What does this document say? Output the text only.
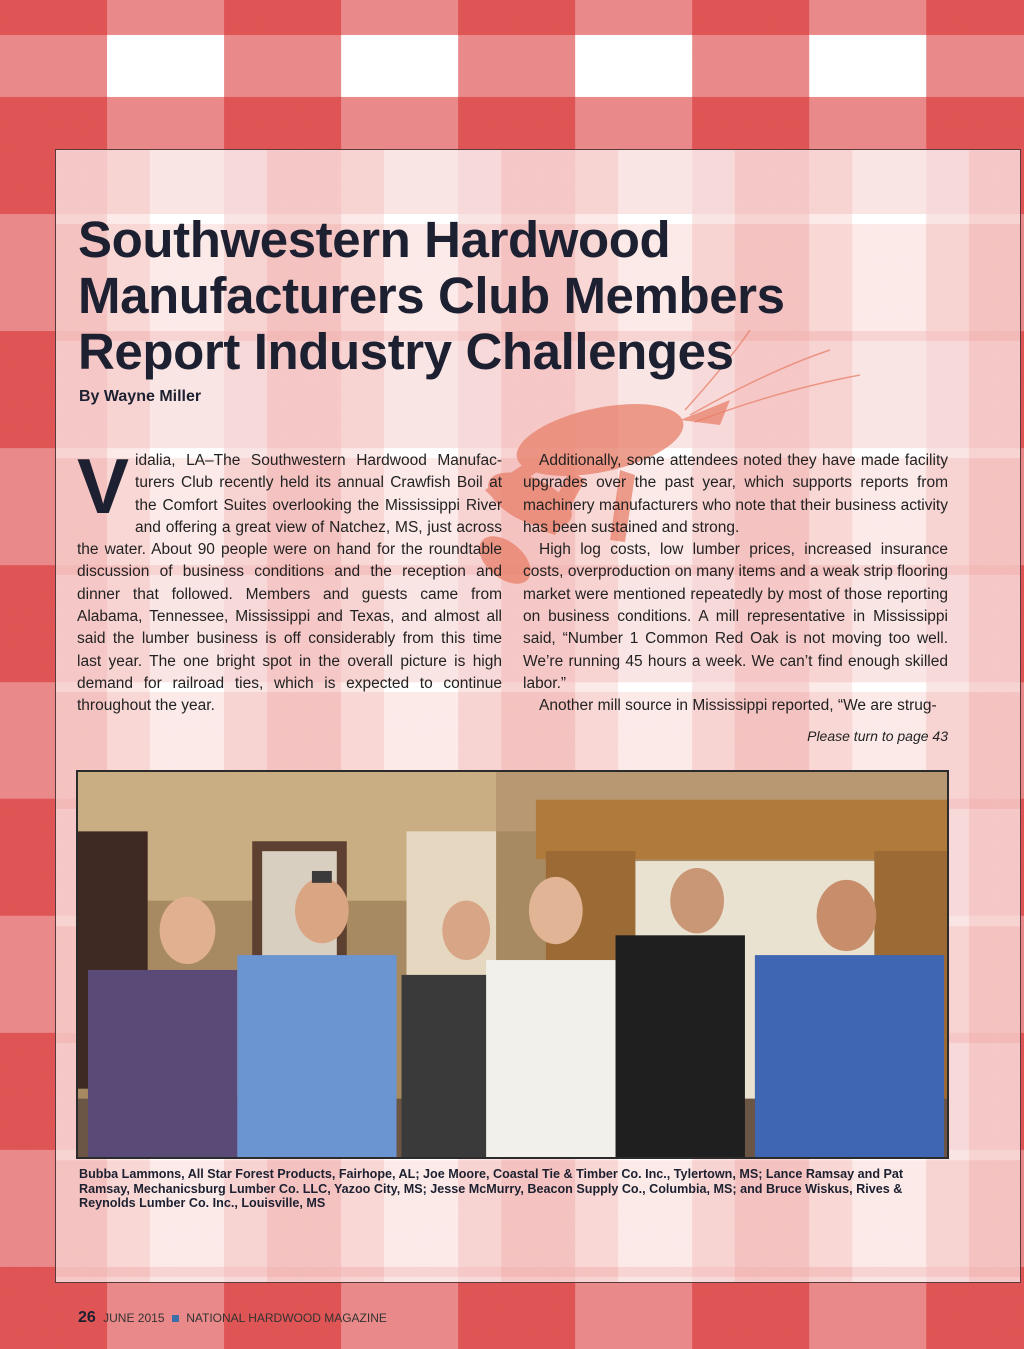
Southwestern Hardwood Manufacturers Club Members Report Industry Challenges
By Wayne Miller
V idalia, LA–The Southwestern Hardwood Manufacturers Club recently held its annual Crawfish Boil at the Comfort Suites overlooking the Mississippi River and offering a great view of Natchez, MS, just across the water. About 90 people were on hand for the roundtable discussion of business conditions and the reception and dinner that followed. Members and guests came from Alabama, Tennessee, Mississippi and Texas, and almost all said the lumber business is off considerably from this time last year. The one bright spot in the overall picture is high demand for railroad ties, which is expected to continue throughout the year.

Additionally, some attendees noted they have made facility upgrades over the past year, which supports reports from machinery manufacturers who note that their business activity has been sustained and strong.

High log costs, low lumber prices, increased insurance costs, overproduction on many items and a weak strip flooring market were mentioned repeatedly by most of those reporting on business conditions. A mill representative in Mississippi said, “Number 1 Common Red Oak is not moving too well. We’re running 45 hours a week. We can’t find enough skilled labor.”

Another mill source in Mississippi reported, “We are strug-

Please turn to page 43

Bubba Lammons, All Star Forest Products, Fairhope, AL; Joe Moore, Coastal Tie & Timber Co. Inc., Tylertown, MS; Lance Ramsay and Pat Ramsay, Mechanicsburg Lumber Co. LLC, Yazoo City, MS; Jesse McMurry, Beacon Supply Co., Columbia, MS; and Bruce Wiskus, Rives & Reynolds Lumber Co. Inc., Louisville, MS

26 JUNE 2015 NATIONAL HARDWOOD MAGAZINE
